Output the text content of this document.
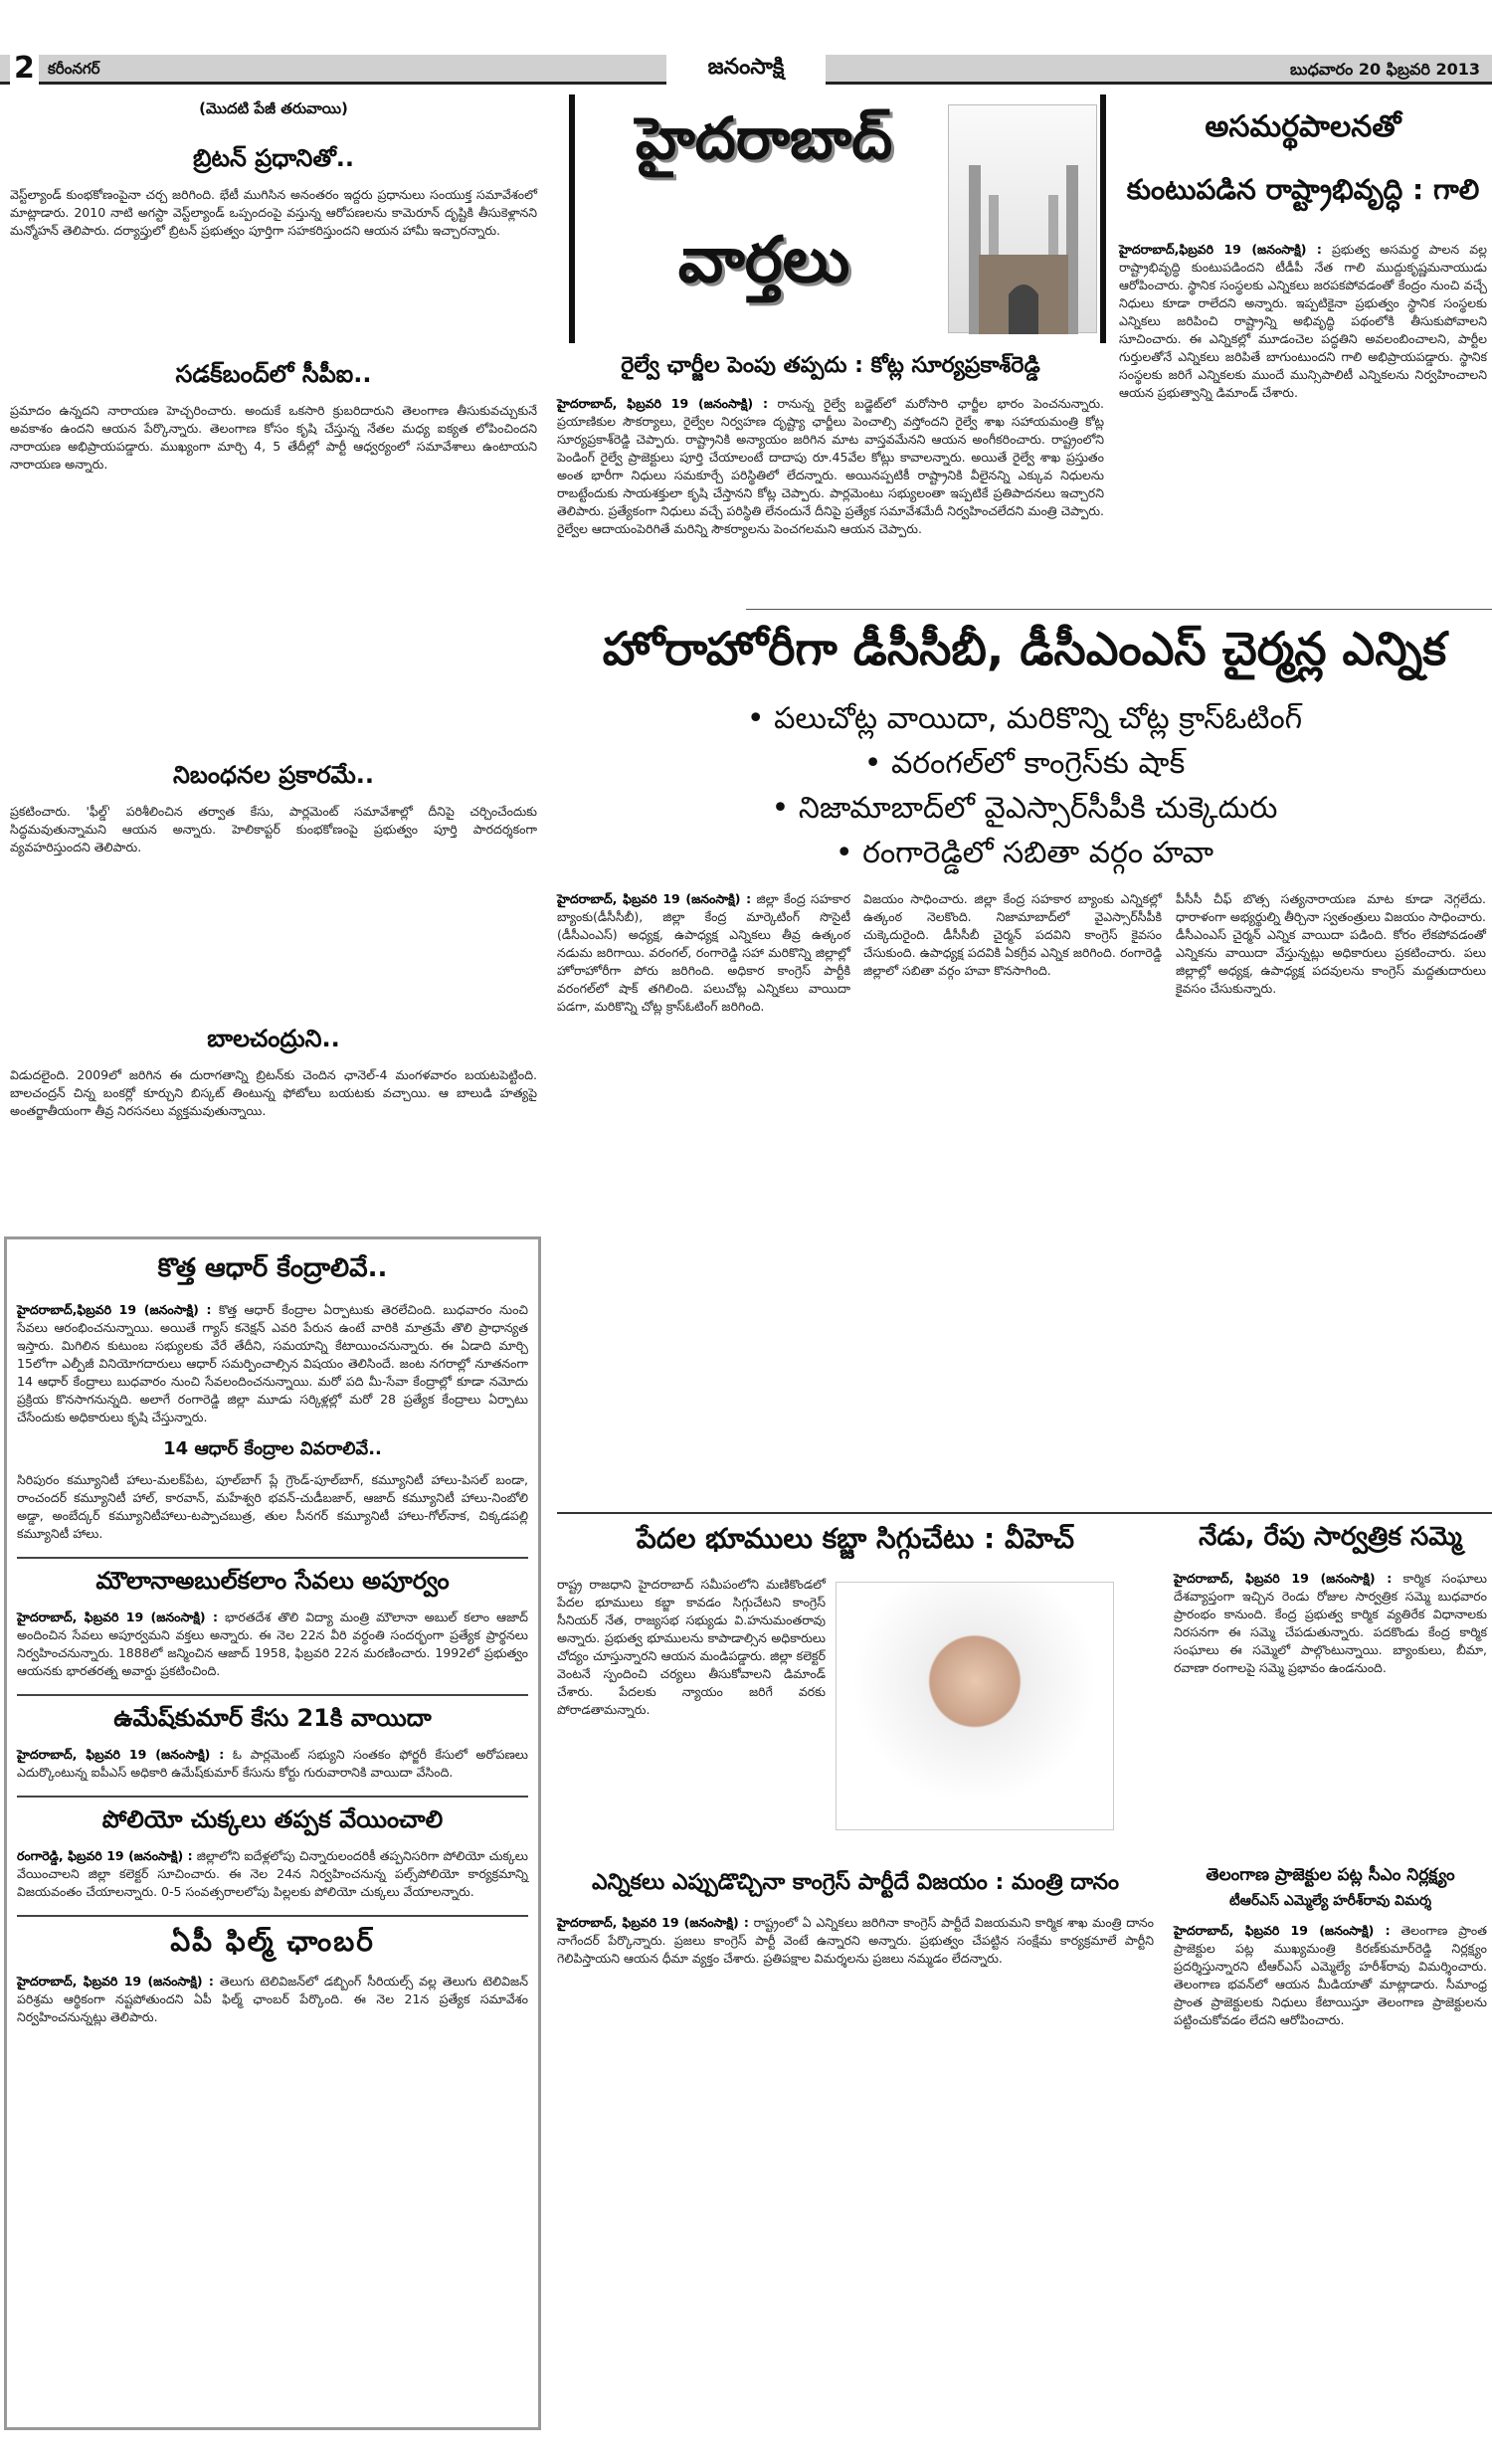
2 కరీంనగర్	జనంసాక్షి	బుధవారం 20 ఫిబ్రవరి 2013
(మొదటి పేజీ తరువాయి)
బ్రిటన్ ప్రధానితో..
వెస్ట్‌ల్యాండ్ కుంభకోణంపైనా చర్చ జరిగింది. భేటీ ముగిసిన అనంతరం ఇద్దరు ప్రధానులు సంయుక్త సమావేశంలో మాట్లాడారు. 2010 నాటి అగస్టా వెస్ట్‌ల్యాండ్ ఒప్పందంపై వస్తున్న ఆరోపణలను కామెరూన్ దృష్టికి తీసుకెళ్లానని మన్మోహన్ తెలిపారు. దర్యాప్తులో బ్రిటన్ ప్రభుత్వం పూర్తిగా సహకరిస్తుందని ఆయన హామీ ఇచ్చారన్నారు.
సడక్‌బంద్‌లో సీపీఐ..
ప్రమాదం ఉన్నదని నారాయణ హెచ్చరించారు. అందుకే ఒకసారి క్రుబరిదారుని తెలంగాణ తీసుకువచ్చుకునే అవకాశం ఉందని ఆయన పేర్కొన్నారు. తెలంగాణ కోసం కృషి చేస్తున్న నేతల మధ్య ఐక్యత లోపించిందని నారాయణ అభిప్రాయపడ్డారు. ముఖ్యంగా మార్చి 4, 5 తేదీల్లో పార్టీ ఆధ్వర్యంలో సమావేశాలు ఉంటాయని నారాయణ అన్నారు.
నిబంధనల ప్రకారమే..
ప్రకటించారు. 'ఫీల్డ్' పరిశీలించిన తర్వాత కేసు, పార్లమెంట్ సమావేశాల్లో దీనిపై చర్చించేందుకు సిద్ధమవుతున్నామని ఆయన అన్నారు. హెలికాప్టర్ కుంభకోణంపై ప్రభుత్వం పూర్తి పారదర్శకంగా వ్యవహరిస్తుందని తెలిపారు.
బాలచంద్రుని..
విడుదలైంది. 2009లో జరిగిన ఈ దురాగతాన్ని బ్రిటన్‌కు చెందిన ఛానెల్-4 మంగళవారం బయటపెట్టింది. బాలచంద్రన్ చిన్న బంకర్లో కూర్చుని బిస్కట్ తింటున్న ఫోటోలు బయటకు వచ్చాయి. ఆ బాలుడి హత్యపై అంతర్జాతీయంగా తీవ్ర నిరసనలు వ్యక్తమవుతున్నాయి.
కొత్త ఆధార్ కేంద్రాలివే..
హైదరాబాద్,ఫిబ్రవరి 19 (జనంసాక్షి) : కొత్త ఆధార్ కేంద్రాల ఏర్పాటుకు తెరలేచింది. బుధవారం నుంచి సేవలు ఆరంభించనున్నాయి. అయితే గ్యాస్ కనెక్షన్ ఎవరి పేరున ఉంటే వారికి మాత్రమే తొలి ప్రాధాన్యత ఇస్తారు. మిగిలిన కుటుంబ సభ్యులకు వేరే తేదీని, సమయాన్ని కేటాయించనున్నారు. ఈ ఏడాది మార్చి 15లోగా ఎల్పీజీ వినియోగదారులు ఆధార్ సమర్పించాల్సిన విషయం తెలిసిందే. జంట నగరాల్లో నూతనంగా 14 ఆధార్ కేంద్రాలు బుధవారం నుంచి సేవలందించనున్నాయి. మరో పది మీ-సేవా కేంద్రాల్లో కూడా నమోదు ప్రక్రియ కొనసాగనున్నది. అలాగే రంగారెడ్డి జిల్లా మూడు సర్కిళ్లల్లో మరో 28 ప్రత్యేక కేంద్రాలు ఏర్పాటు చేసేందుకు అధికారులు కృషి చేస్తున్నారు.
14 ఆధార్ కేంద్రాల వివరాలివే..
సిరిపురం కమ్యూనిటీ హాలు-మలక్‌పేట, పూల్‌బాగ్ ప్లే గ్రౌండ్-పూల్‌బాగ్, కమ్యూనిటీ హాలు-పిసల్ బండా, రాంచందర్ కమ్యూనిటీ హాల్, కారవాన్, మహేశ్వరి భవన్-చుడీబజార్, ఆజాద్ కమ్యూనిటీ హాలు-నింబోలి అడ్డా, అంబేద్కర్ కమ్యూనిటీహాలు-టప్పాచబుత్ర, తుల సీనగర్ కమ్యూనిటీ హాలు-గోల్‌నాక, చిక్కడపల్లి కమ్యూనిటీ హాలు.
మౌలానాఅబుల్‌కలాం సేవలు అపూర్వం
హైదరాబాద్, ఫిబ్రవరి 19 (జనంసాక్షి) : భారతదేశ తొలి విద్యా మంత్రి మౌలానా అబుల్ కలాం ఆజాద్ అందించిన సేవలు అపూర్వమని వక్తలు అన్నారు. ఈ నెల 22న వీరి వర్ధంతి సందర్భంగా ప్రత్యేక ప్రార్థనలు నిర్వహించనున్నారు. 1888లో జన్మించిన ఆజాద్ 1958, ఫిబ్రవరి 22న మరణించారు. 1992లో ప్రభుత్వం ఆయనకు భారతరత్న అవార్డు ప్రకటించింది.
ఉమేష్‌కుమార్ కేసు 21కి వాయిదా
హైదరాబాద్, ఫిబ్రవరి 19 (జనంసాక్షి) : ఓ పార్లమెంట్ సభ్యుని సంతకం ఫోర్జరీ కేసులో అరోపణలు ఎదుర్కొంటున్న ఐపీఎస్ అధికారి ఉమేష్‌కుమార్ కేసును కోర్టు గురువారానికి వాయిదా వేసింది.
పోలియో చుక్కలు తప్పక వేయించాలి
రంగారెడ్డి, ఫిబ్రవరి 19 (జనంసాక్షి) : జిల్లాలోని ఐదేళ్లలోపు చిన్నారులందరికీ తప్పనిసరిగా పోలియో చుక్కలు వేయించాలని జిల్లా కలెక్టర్ సూచించారు. ఈ నెల 24న నిర్వహించనున్న పల్స్‌పోలియో కార్యక్రమాన్ని విజయవంతం చేయాలన్నారు. 0-5 సంవత్సరాలలోపు పిల్లలకు పోలియో చుక్కలు వేయాలన్నారు.
ఏపీ ఫిల్మ్ ఛాంబర్
హైదరాబాద్, ఫిబ్రవరి 19 (జనంసాక్షి) : తెలుగు టెలివిజన్‌లో డబ్బింగ్ సీరియల్స్ వల్ల తెలుగు టెలివిజన్ పరిశ్రమ ఆర్థికంగా నష్టపోతుందని ఏపీ ఫిల్మ్ ఛాంబర్ పేర్కొంది. ఈ నెల 21న ప్రత్యేక సమావేశం నిర్వహించనున్నట్లు తెలిపారు.
హైదరాబాద్
వార్తలు
అసమర్థపాలనతో
కుంటుపడిన రాష్ట్రాభివృద్ధి : గాలి
హైదరాబాద్,ఫిబ్రవరి 19 (జనంసాక్షి) : ప్రభుత్వ అసమర్థ పాలన వల్ల రాష్ట్రాభివృద్ధి కుంటుపడిందని టీడీపీ నేత గాలి ముద్దుకృష్ణమనాయుడు ఆరోపించారు. స్థానిక సంస్థలకు ఎన్నికలు జరపకపోవడంతో కేంద్రం నుంచి వచ్చే నిధులు కూడా రాలేదని అన్నారు. ఇప్పటికైనా ప్రభుత్వం స్థానిక సంస్థలకు ఎన్నికలు జరిపించి రాష్ట్రాన్ని అభివృద్ధి పథంలోకి తీసుకుపోవాలని సూచించారు. ఈ ఎన్నికల్లో మూడంచెల పద్ధతిని అవలంబించాలని, పార్టీల గుర్తులతోనే ఎన్నికలు జరిపితే బాగుంటుందని గాలి అభిప్రాయపడ్డారు. స్థానిక సంస్థలకు జరిగే ఎన్నికలకు ముందే మున్సిపాలిటీ ఎన్నికలను నిర్వహించాలని ఆయన ప్రభుత్వాన్ని డిమాండ్ చేశారు.
రైల్వే ఛార్జీల పెంపు తప్పదు : కోట్ల సూర్యప్రకాశ్‌రెడ్డి
హైదరాబాద్, ఫిబ్రవరి 19 (జనంసాక్షి) : రానున్న రైల్వే బడ్జెట్‌లో మరోసారి ఛార్జీల భారం పెంచనున్నారు. ప్రయాణికుల సౌకర్యాలు, రైల్వేల నిర్వహణ దృష్ట్యా ఛార్జీలు పెంచాల్సి వస్తోందని రైల్వే శాఖ సహాయమంత్రి కోట్ల సూర్యప్రకాశ్‌రెడ్డి చెప్పారు. రాష్ట్రానికి అన్యాయం జరిగిన మాట వాస్తవమేనని ఆయన అంగీకరించారు. రాష్ట్రంలోని పెండింగ్ రైల్వే ప్రాజెక్టులు పూర్తి చేయాలంటే దాదాపు రూ.45వేల కోట్లు కావాలన్నారు. అయితే రైల్వే శాఖ ప్రస్తుతం అంత భారీగా నిధులు సమకూర్చే పరిస్థితిలో లేదన్నారు. అయినప్పటికీ రాష్ట్రానికి వీలైనన్ని ఎక్కువ నిధులను రాబట్టేందుకు సాయశక్తులా కృషి చేస్తానని కోట్ల చెప్పారు. పార్లమెంటు సభ్యులంతా ఇప్పటికే ప్రతిపాదనలు ఇచ్చారని తెలిపారు. ప్రత్యేకంగా నిధులు వచ్చే పరిస్థితి లేనందునే దీనిపై ప్రత్యేక సమావేశమేదీ నిర్వహించలేదని మంత్రి చెప్పారు. రైల్వేల ఆదాయంపెరిగితే మరిన్ని సౌకర్యాలను పెంచగలమని ఆయన చెప్పారు.
హోరాహోరీగా డీసీసీబీ, డీసీఎంఎస్ చైర్మన్ల ఎన్నిక
• పలుచోట్ల వాయిదా, మరికొన్ని చోట్ల క్రాస్‌ఓటింగ్
• వరంగల్‌లో కాంగ్రెస్‌కు షాక్
• నిజామాబాద్‌లో వైఎస్సార్‌సీపీకి చుక్కెదురు
• రంగారెడ్డిలో సబితా వర్గం హవా
హైదరాబాద్, ఫిబ్రవరి 19 (జనంసాక్షి) : జిల్లా కేంద్ర సహకార బ్యాంకు(డీసీసీబీ), జిల్లా కేంద్ర మార్కెటింగ్ సొసైటీ (డీసీఎంఎస్) అధ్యక్ష, ఉపాధ్యక్ష ఎన్నికలు తీవ్ర ఉత్కంఠ నడుమ జరిగాయి. వరంగల్, రంగారెడ్డి సహా మరికొన్ని జిల్లాల్లో హోరాహోరీగా పోరు జరిగింది. అధికార కాంగ్రెస్ పార్టీకి వరంగల్‌లో షాక్ తగిలింది. పలుచోట్ల ఎన్నికలు వాయిదా పడగా, మరికొన్ని చోట్ల క్రాస్‌ఓటింగ్ జరిగింది.
విజయం సాధించారు. జిల్లా కేంద్ర సహకార బ్యాంకు ఎన్నికల్లో ఉత్కంఠ నెలకొంది. నిజామాబాద్‌లో వైఎస్సార్‌సీపీకి చుక్కెదురైంది. డీసీసీబీ చైర్మన్ పదవిని కాంగ్రెస్ కైవసం చేసుకుంది. ఉపాధ్యక్ష పదవికి ఏకగ్రీవ ఎన్నిక జరిగింది. రంగారెడ్డి జిల్లాలో సబితా వర్గం హవా కొనసాగింది.
పీసీసీ చీఫ్ బొత్స సత్యనారాయణ మాట కూడా నెగ్గలేదు. ధారాళంగా అభ్యర్థుల్ని తీర్చినా స్వతంత్రులు విజయం సాధించారు. డీసీఎంఎస్ చైర్మన్ ఎన్నిక వాయిదా పడింది. కోరం లేకపోవడంతో ఎన్నికను వాయిదా వేస్తున్నట్లు అధికారులు ప్రకటించారు. పలు జిల్లాల్లో అధ్యక్ష, ఉపాధ్యక్ష పదవులను కాంగ్రెస్ మద్దతుదారులు కైవసం చేసుకున్నారు.
పేదల భూములు కబ్జా సిగ్గుచేటు : వీహెచ్
రాష్ట్ర రాజధాని హైదరాబాద్ సమీపంలోని మణికొండలో పేదల భూములు కబ్జా కావడం సిగ్గుచేటని కాంగ్రెస్ సీనియర్ నేత, రాజ్యసభ సభ్యుడు వి.హనుమంతరావు అన్నారు. ప్రభుత్వ భూములను కాపాడాల్సిన అధికారులు చోద్యం చూస్తున్నారని ఆయన మండిపడ్డారు. జిల్లా కలెక్టర్ వెంటనే స్పందించి చర్యలు తీసుకోవాలని డిమాండ్ చేశారు. పేదలకు న్యాయం జరిగే వరకు పోరాడతామన్నారు.
నేడు, రేపు సార్వత్రిక సమ్మె
హైదరాబాద్, ఫిబ్రవరి 19 (జనంసాక్షి) : కార్మిక సంఘాలు దేశవ్యాప్తంగా ఇచ్చిన రెండు రోజుల సార్వత్రిక సమ్మె బుధవారం ప్రారంభం కానుంది. కేంద్ర ప్రభుత్వ కార్మిక వ్యతిరేక విధానాలకు నిరసనగా ఈ సమ్మె చేపడుతున్నారు. పదకొండు కేంద్ర కార్మిక సంఘాలు ఈ సమ్మెలో పాల్గొంటున్నాయి. బ్యాంకులు, బీమా, రవాణా రంగాలపై సమ్మె ప్రభావం ఉండనుంది.
తెలంగాణ ప్రాజెక్టుల పట్ల సీఎం నిర్లక్ష్యం
టీఆర్‌ఎస్ ఎమ్మెల్యే హరీశ్‌రావు విమర్శ
హైదరాబాద్, ఫిబ్రవరి 19 (జనంసాక్షి) : తెలంగాణ ప్రాంత ప్రాజెక్టుల పట్ల ముఖ్యమంత్రి కిరణ్‌కుమార్‌రెడ్డి నిర్లక్ష్యం ప్రదర్శిస్తున్నారని టీఆర్‌ఎస్ ఎమ్మెల్యే హరీశ్‌రావు విమర్శించారు. తెలంగాణ భవన్‌లో ఆయన మీడియాతో మాట్లాడారు. సీమాంధ్ర ప్రాంత ప్రాజెక్టులకు నిధులు కేటాయిస్తూ తెలంగాణ ప్రాజెక్టులను పట్టించుకోవడం లేదని ఆరోపించారు.
ఎన్నికలు ఎప్పుడొచ్చినా కాంగ్రెస్ పార్టీదే విజయం : మంత్రి దానం
హైదరాబాద్, ఫిబ్రవరి 19 (జనంసాక్షి) : రాష్ట్రంలో ఏ ఎన్నికలు జరిగినా కాంగ్రెస్ పార్టీదే విజయమని కార్మిక శాఖ మంత్రి దానం నాగేందర్ పేర్కొన్నారు. ప్రజలు కాంగ్రెస్ పార్టీ వెంటే ఉన్నారని అన్నారు. ప్రభుత్వం చేపట్టిన సంక్షేమ కార్యక్రమాలే పార్టీని గెలిపిస్తాయని ఆయన ధీమా వ్యక్తం చేశారు. ప్రతిపక్షాల విమర్శలను ప్రజలు నమ్మడం లేదన్నారు.
